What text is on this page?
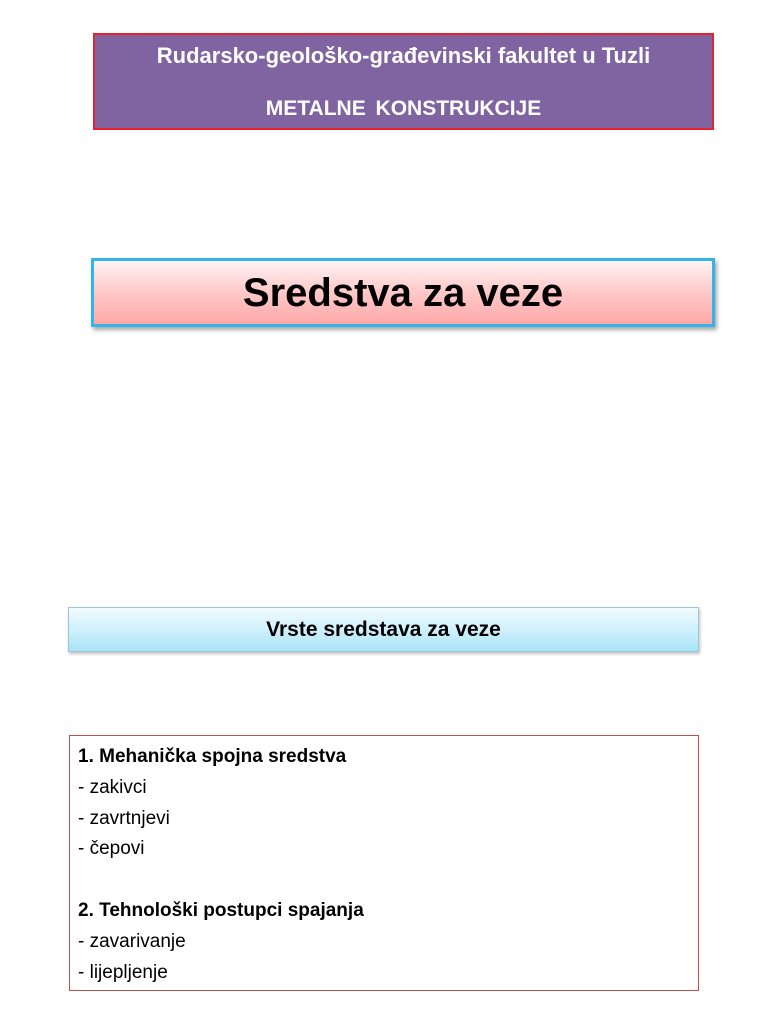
Rudarsko-geološko-građevinski fakultet u Tuzli
METALNE KONSTRUKCIJE
Sredstva za veze
Vrste sredstava za veze
1. Mehanička spojna sredstva
- zakivci
- zavrtnjevi
- čepovi
2. Tehnološki postupci spajanja
- zavarivanje
- lijepljenje
